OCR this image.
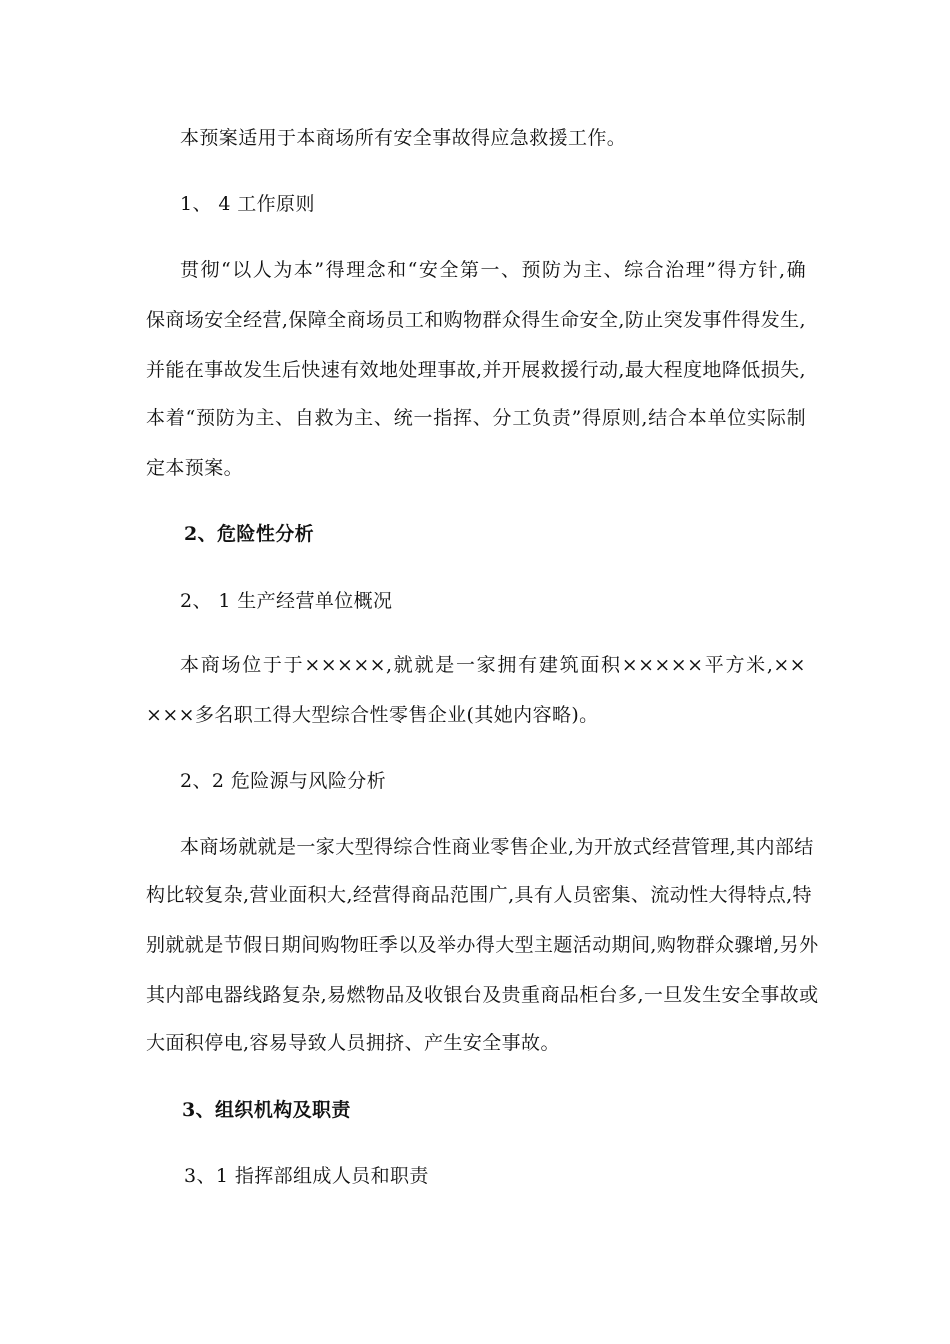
本预案适用于本商场所有安全事故得应急救援工作。
1、 4 工作原则
贯彻“以人为本”得理念和“安全第一、预防为主、综合治理”得方针,确
保商场安全经营,保障全商场员工和购物群众得生命安全,防止突发事件得发生,
并能在事故发生后快速有效地处理事故,并开展救援行动,最大程度地降低损失,
本着“预防为主、自救为主、统一指挥、分工负责”得原则,结合本单位实际制
定本预案。
2、危险性分析
2、 1 生产经营单位概况
本商场位于于×××××,就就是一家拥有建筑面积×××××平方米,××
×××多名职工得大型综合性零售企业(其她内容略)。
2、2 危险源与风险分析
本商场就就是一家大型得综合性商业零售企业,为开放式经营管理,其内部结
构比较复杂,营业面积大,经营得商品范围广,具有人员密集、流动性大得特点,特
别就就是节假日期间购物旺季以及举办得大型主题活动期间,购物群众骤增,另外
其内部电器线路复杂,易燃物品及收银台及贵重商品柜台多,一旦发生安全事故或
大面积停电,容易导致人员拥挤、产生安全事故。
3、组织机构及职责
3、1 指挥部组成人员和职责
